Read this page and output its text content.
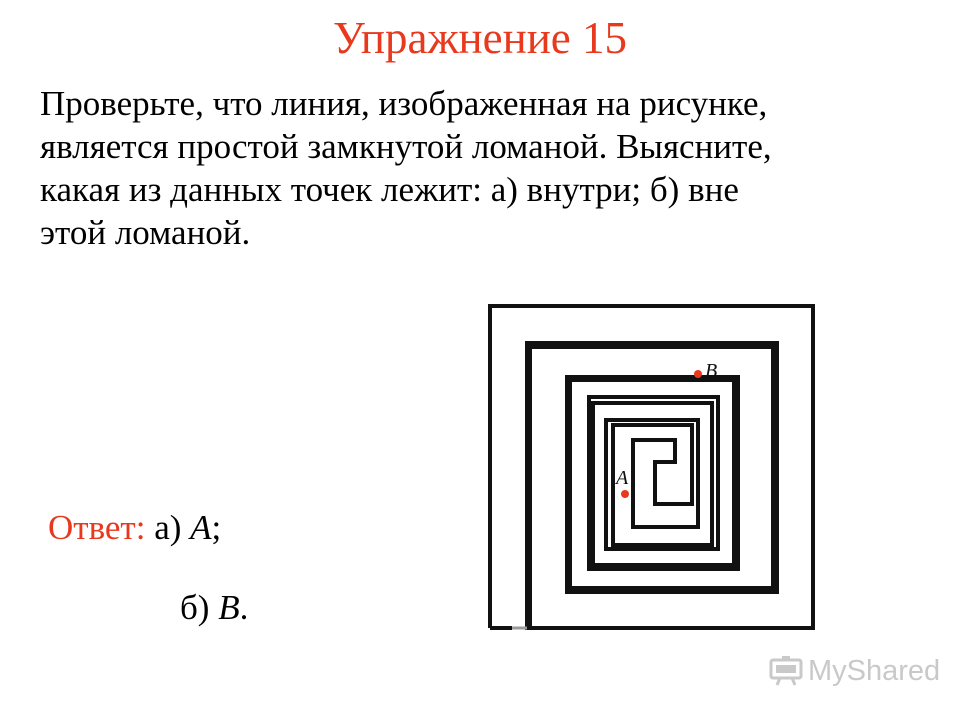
Упражнение 15
Проверьте, что линия, изображенная на рисунке,
является простой замкнутой ломаной. Выясните,
какая из данных точек лежит: а) внутри; б) вне
этой ломаной.
B
A
Ответ: а) A;
б) B.
MyShared
